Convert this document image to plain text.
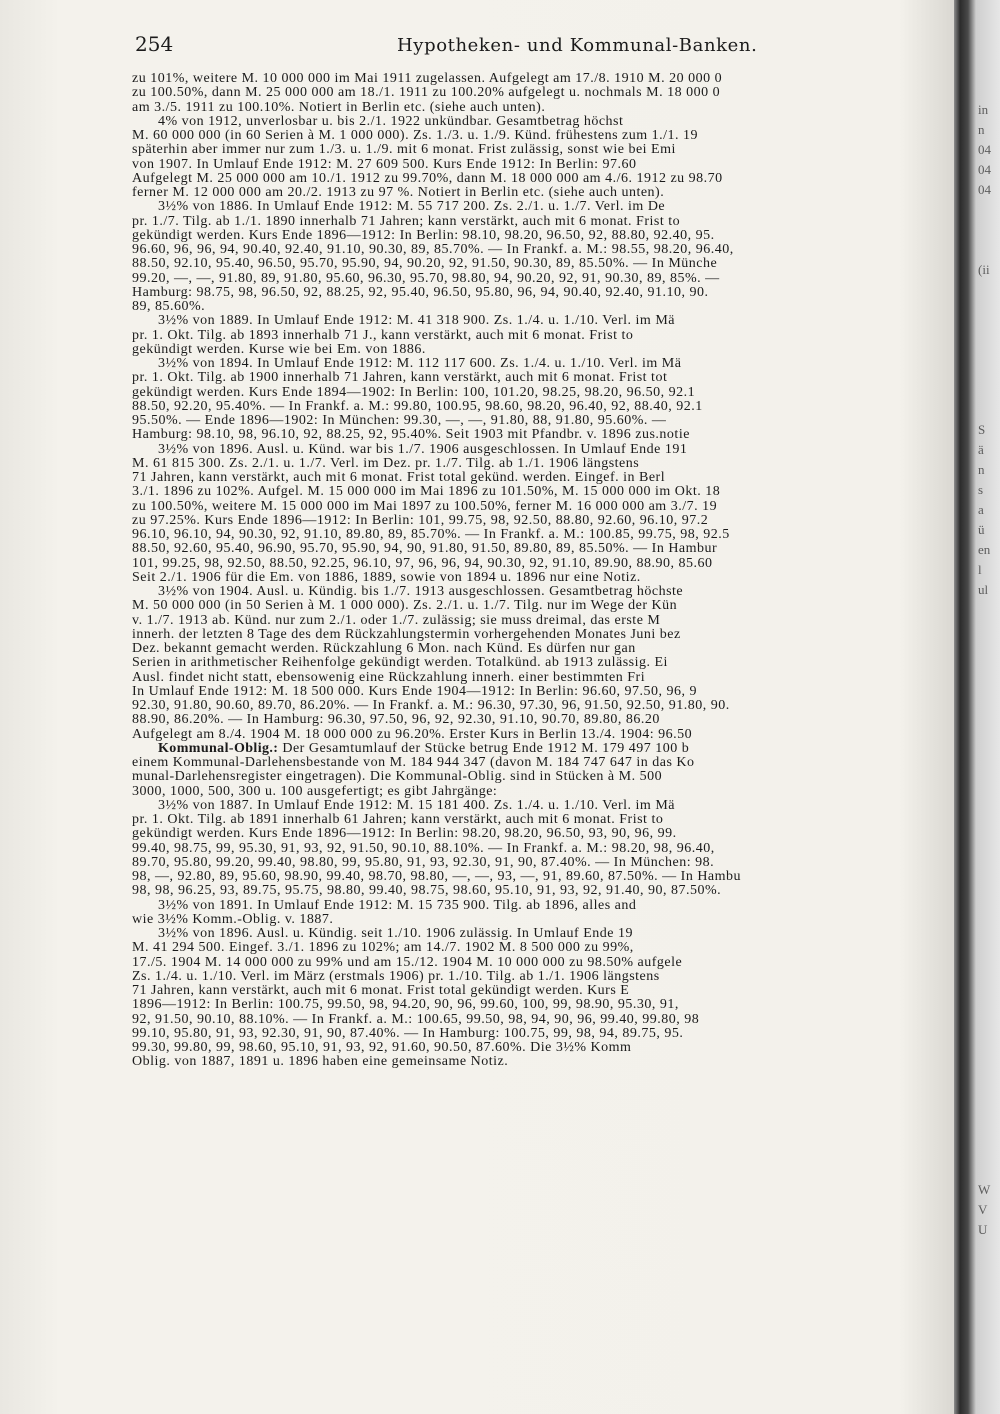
254	Hypotheken- und Kommunal-Banken.
zu 101%, weitere M. 10 000 000 im Mai 1911 zugelassen. Aufgelegt am 17./8. 1910 M. 20 000 0
zu 100.50%, dann M. 25 000 000 am 18./1. 1911 zu 100.20% aufgelegt u. nochmals M. 18 000 0
am 3./5. 1911 zu 100.10%. Notiert in Berlin etc. (siehe auch unten).
4% von 1912, unverlosbar u. bis 2./1. 1922 unkündbar. Gesamtbetrag höchst
M. 60 000 000 (in 60 Serien à M. 1 000 000). Zs. 1./3. u. 1./9. Künd. frühestens zum 1./1. 19
späterhin aber immer nur zum 1./3. u. 1./9. mit 6 monat. Frist zulässig, sonst wie bei Emi
von 1907. In Umlauf Ende 1912: M. 27 609 500. Kurs Ende 1912: In Berlin: 97.60
Aufgelegt M. 25 000 000 am 10./1. 1912 zu 99.70%, dann M. 18 000 000 am 4./6. 1912 zu 98.70
ferner M. 12 000 000 am 20./2. 1913 zu 97 %. Notiert in Berlin etc. (siehe auch unten).
3½% von 1886. In Umlauf Ende 1912: M. 55 717 200. Zs. 2./1. u. 1./7. Verl. im De
pr. 1./7. Tilg. ab 1./1. 1890 innerhalb 71 Jahren; kann verstärkt, auch mit 6 monat. Frist to
gekündigt werden. Kurs Ende 1896—1912: In Berlin: 98.10, 98.20, 96.50, 92, 88.80, 92.40, 95.
96.60, 96, 96, 94, 90.40, 92.40, 91.10, 90.30, 89, 85.70%. — In Frankf. a. M.: 98.55, 98.20, 96.40,
88.50, 92.10, 95.40, 96.50, 95.70, 95.90, 94, 90.20, 92, 91.50, 90.30, 89, 85.50%. — In Münche
99.20, —, —, 91.80, 89, 91.80, 95.60, 96.30, 95.70, 98.80, 94, 90.20, 92, 91, 90.30, 89, 85%. —
Hamburg: 98.75, 98, 96.50, 92, 88.25, 92, 95.40, 96.50, 95.80, 96, 94, 90.40, 92.40, 91.10, 90.
89, 85.60%.
3½% von 1889. In Umlauf Ende 1912: M. 41 318 900. Zs. 1./4. u. 1./10. Verl. im Mä
pr. 1. Okt. Tilg. ab 1893 innerhalb 71 J., kann verstärkt, auch mit 6 monat. Frist to
gekündigt werden. Kurse wie bei Em. von 1886.
3½% von 1894. In Umlauf Ende 1912: M. 112 117 600. Zs. 1./4. u. 1./10. Verl. im Mä
pr. 1. Okt. Tilg. ab 1900 innerhalb 71 Jahren, kann verstärkt, auch mit 6 monat. Frist tot
gekündigt werden. Kurs Ende 1894—1902: In Berlin: 100, 101.20, 98.25, 98.20, 96.50, 92.1
88.50, 92.20, 95.40%. — In Frankf. a. M.: 99.80, 100.95, 98.60, 98.20, 96.40, 92, 88.40, 92.1
95.50%. — Ende 1896—1902: In München: 99.30, —, —, 91.80, 88, 91.80, 95.60%. —
Hamburg: 98.10, 98, 96.10, 92, 88.25, 92, 95.40%. Seit 1903 mit Pfandbr. v. 1896 zus.notie
3½% von 1896. Ausl. u. Künd. war bis 1./7. 1906 ausgeschlossen. In Umlauf Ende 191
M. 61 815 300. Zs. 2./1. u. 1./7. Verl. im Dez. pr. 1./7. Tilg. ab 1./1. 1906 längstens
71 Jahren, kann verstärkt, auch mit 6 monat. Frist total gekünd. werden. Eingef. in Berl
3./1. 1896 zu 102%. Aufgel. M. 15 000 000 im Mai 1896 zu 101.50%, M. 15 000 000 im Okt. 18
zu 100.50%, weitere M. 15 000 000 im Mai 1897 zu 100.50%, ferner M. 16 000 000 am 3./7. 19
zu 97.25%. Kurs Ende 1896—1912: In Berlin: 101, 99.75, 98, 92.50, 88.80, 92.60, 96.10, 97.2
96.10, 96.10, 94, 90.30, 92, 91.10, 89.80, 89, 85.70%. — In Frankf. a. M.: 100.85, 99.75, 98, 92.5
88.50, 92.60, 95.40, 96.90, 95.70, 95.90, 94, 90, 91.80, 91.50, 89.80, 89, 85.50%. — In Hambur
101, 99.25, 98, 92.50, 88.50, 92.25, 96.10, 97, 96, 96, 94, 90.30, 92, 91.10, 89.90, 88.90, 85.60
Seit 2./1. 1906 für die Em. von 1886, 1889, sowie von 1894 u. 1896 nur eine Notiz.
3½% von 1904. Ausl. u. Kündig. bis 1./7. 1913 ausgeschlossen. Gesamtbetrag höchste
M. 50 000 000 (in 50 Serien à M. 1 000 000). Zs. 2./1. u. 1./7. Tilg. nur im Wege der Kün
v. 1./7. 1913 ab. Künd. nur zum 2./1. oder 1./7. zulässig; sie muss dreimal, das erste M
innerh. der letzten 8 Tage des dem Rückzahlungstermin vorhergehenden Monates Juni bez
Dez. bekannt gemacht werden. Rückzahlung 6 Mon. nach Künd. Es dürfen nur gan
Serien in arithmetischer Reihenfolge gekündigt werden. Totalkünd. ab 1913 zulässig. Ei
Ausl. findet nicht statt, ebensowenig eine Rückzahlung innerh. einer bestimmten Fri
In Umlauf Ende 1912: M. 18 500 000. Kurs Ende 1904—1912: In Berlin: 96.60, 97.50, 96, 9
92.30, 91.80, 90.60, 89.70, 86.20%. — In Frankf. a. M.: 96.30, 97.30, 96, 91.50, 92.50, 91.80, 90.
88.90, 86.20%. — In Hamburg: 96.30, 97.50, 96, 92, 92.30, 91.10, 90.70, 89.80, 86.20
Aufgelegt am 8./4. 1904 M. 18 000 000 zu 96.20%. Erster Kurs in Berlin 13./4. 1904: 96.50
Kommunal-Oblig.: Der Gesamtumlauf der Stücke betrug Ende 1912 M. 179 497 100 b
einem Kommunal-Darlehensbestande von M. 184 944 347 (davon M. 184 747 647 in das Ko
munal-Darlehensregister eingetragen). Die Kommunal-Oblig. sind in Stücken à M. 500
3000, 1000, 500, 300 u. 100 ausgefertigt; es gibt Jahrgänge:
3½% von 1887. In Umlauf Ende 1912: M. 15 181 400. Zs. 1./4. u. 1./10. Verl. im Mä
pr. 1. Okt. Tilg. ab 1891 innerhalb 61 Jahren; kann verstärkt, auch mit 6 monat. Frist to
gekündigt werden. Kurs Ende 1896—1912: In Berlin: 98.20, 98.20, 96.50, 93, 90, 96, 99.
99.40, 98.75, 99, 95.30, 91, 93, 92, 91.50, 90.10, 88.10%. — In Frankf. a. M.: 98.20, 98, 96.40,
89.70, 95.80, 99.20, 99.40, 98.80, 99, 95.80, 91, 93, 92.30, 91, 90, 87.40%. — In München: 98.
98, —, 92.80, 89, 95.60, 98.90, 99.40, 98.70, 98.80, —, —, 93, —, 91, 89.60, 87.50%. — In Hambu
98, 98, 96.25, 93, 89.75, 95.75, 98.80, 99.40, 98.75, 98.60, 95.10, 91, 93, 92, 91.40, 90, 87.50%.
3½% von 1891. In Umlauf Ende 1912: M. 15 735 900. Tilg. ab 1896, alles and
wie 3½% Komm.-Oblig. v. 1887.
3½% von 1896. Ausl. u. Kündig. seit 1./10. 1906 zulässig. In Umlauf Ende 19
M. 41 294 500. Eingef. 3./1. 1896 zu 102%; am 14./7. 1902 M. 8 500 000 zu 99%,
17./5. 1904 M. 14 000 000 zu 99% und am 15./12. 1904 M. 10 000 000 zu 98.50% aufgele
Zs. 1./4. u. 1./10. Verl. im März (erstmals 1906) pr. 1./10. Tilg. ab 1./1. 1906 längstens
71 Jahren, kann verstärkt, auch mit 6 monat. Frist total gekündigt werden. Kurs E
1896—1912: In Berlin: 100.75, 99.50, 98, 94.20, 90, 96, 99.60, 100, 99, 98.90, 95.30, 91,
92, 91.50, 90.10, 88.10%. — In Frankf. a. M.: 100.65, 99.50, 98, 94, 90, 96, 99.40, 99.80, 98
99.10, 95.80, 91, 93, 92.30, 91, 90, 87.40%. — In Hamburg: 100.75, 99, 98, 94, 89.75, 95.
99.30, 99.80, 99, 98.60, 95.10, 91, 93, 92, 91.60, 90.50, 87.60%. Die 3½% Komm
Oblig. von 1887, 1891 u. 1896 haben eine gemeinsame Notiz.
in
n
04
04
04
(ii
S
ä
n
s
a
ü
en
l
ul
W
V
U
